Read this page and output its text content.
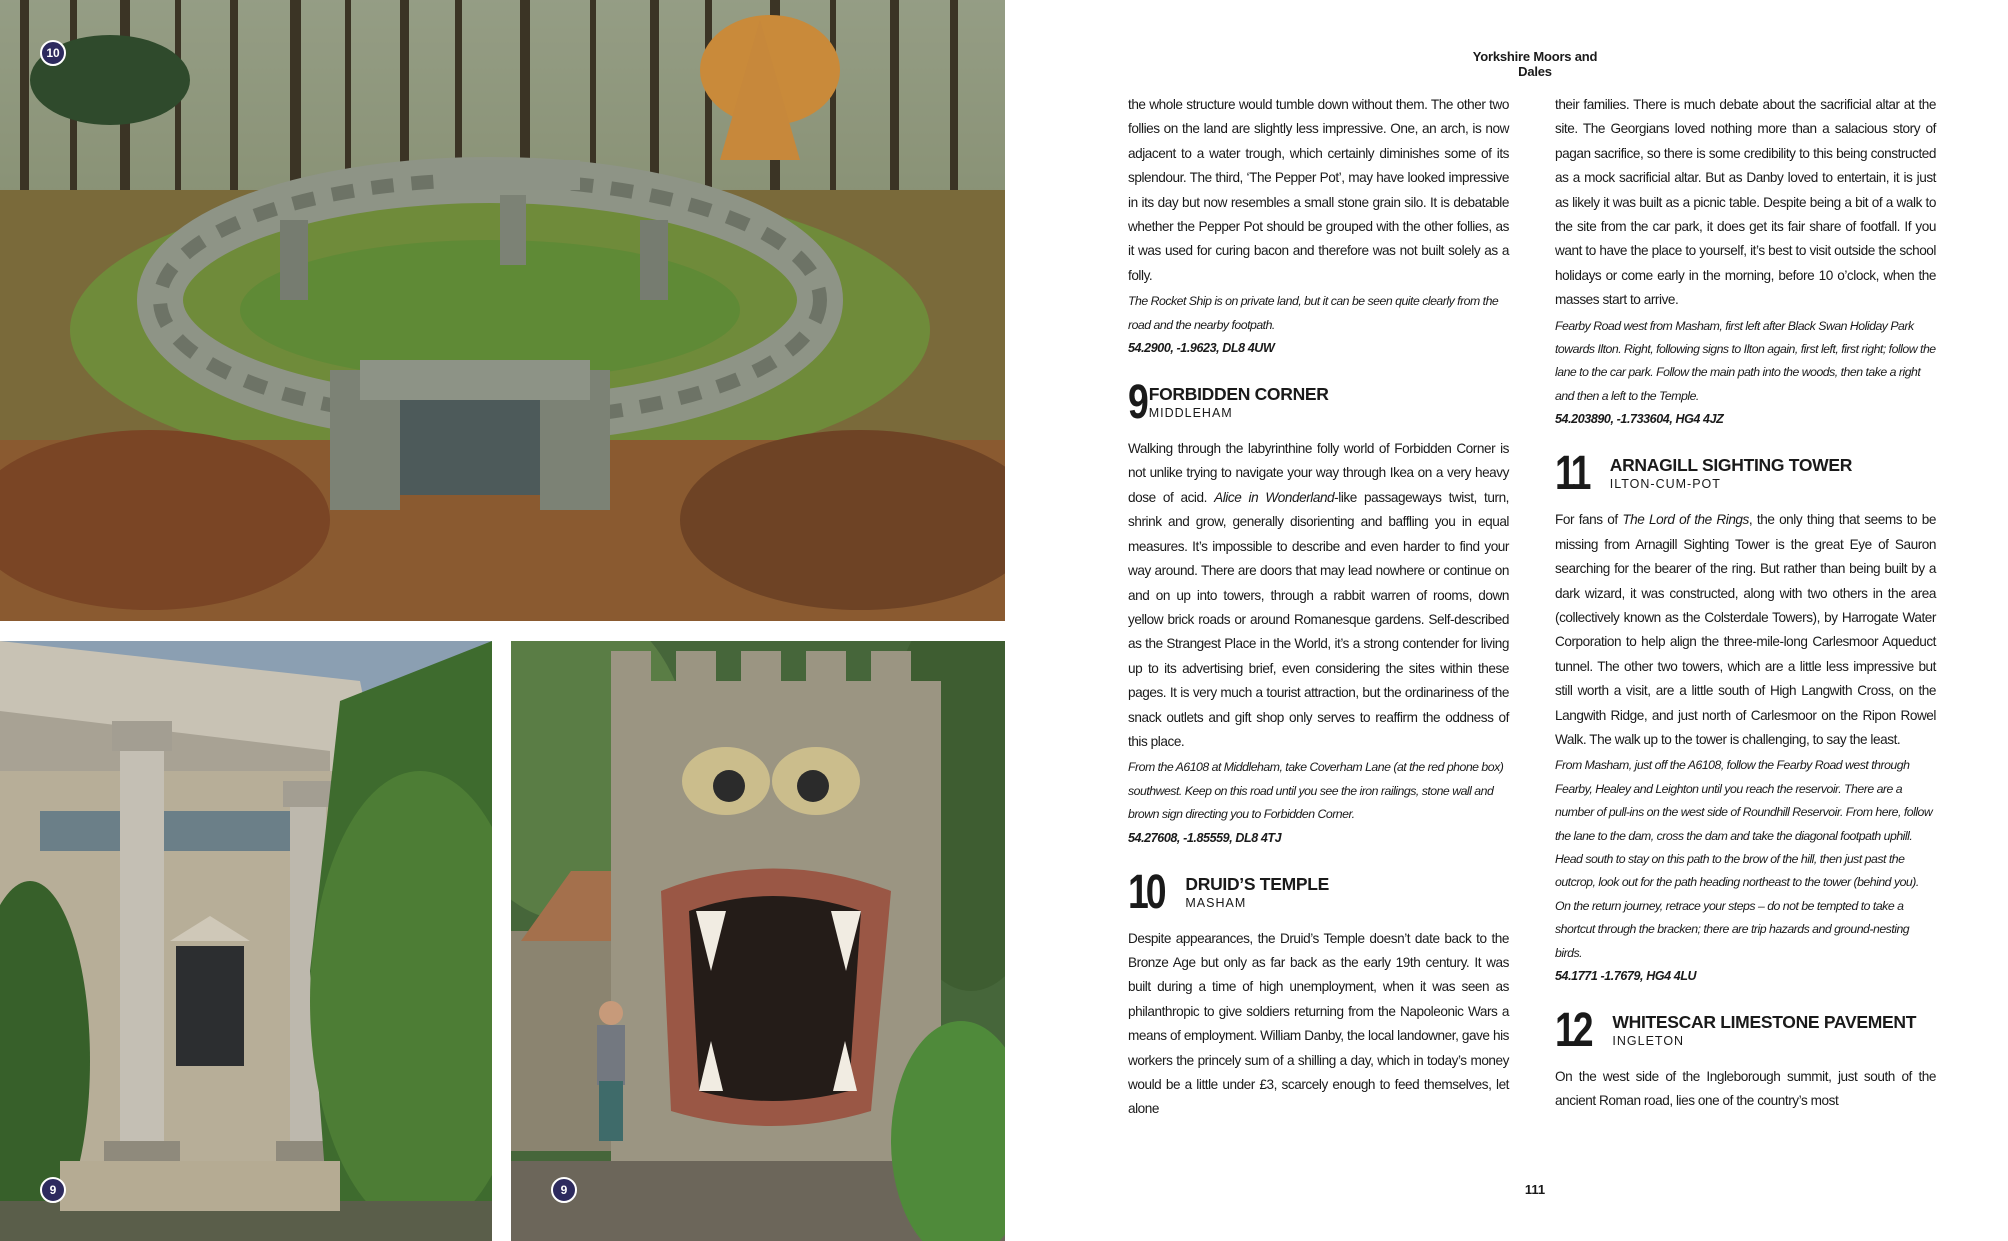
10
9	9
Yorkshire Moors and Dales

the whole structure would tumble down without them. The other two follies on the land are slightly less impressive. One, an arch, is now adjacent to a water trough, which certainly diminishes some of its splendour. The third, ‘The Pepper Pot’, may have looked impressive in its day but now resembles a small stone grain silo. It is debatable whether the Pepper Pot should be grouped with the other follies, as it was used for curing bacon and therefore was not built solely as a folly.

The Rocket Ship is on private land, but it can be seen quite clearly from the road and the nearby footpath.

54.2900, -1.9623, DL8 4UW

9 FORBIDDEN CORNER
MIDDLEHAM

Walking through the labyrinthine folly world of Forbidden Corner is not unlike trying to navigate your way through Ikea on a very heavy dose of acid. Alice in Wonderland-like passageways twist, turn, shrink and grow, generally disorienting and baffling you in equal measures. It’s impossible to describe and even harder to find your way around. There are doors that may lead nowhere or continue on and on up into towers, through a rabbit warren of rooms, down yellow brick roads or around Romanesque gardens. Self-described as the Strangest Place in the World, it’s a strong contender for living up to its advertising brief, even considering the sites within these pages. It is very much a tourist attraction, but the ordinariness of the snack outlets and gift shop only serves to reaffirm the oddness of this place.

From the A6108 at Middleham, take Coverham Lane (at the red phone box) southwest. Keep on this road until you see the iron railings, stone wall and brown sign directing you to Forbidden Corner.

54.27608, -1.85559, DL8 4TJ

10 DRUID’S TEMPLE
MASHAM

Despite appearances, the Druid’s Temple doesn’t date back to the Bronze Age but only as far back as the early 19th century. It was built during a time of high unemployment, when it was seen as philanthropic to give soldiers returning from the Napoleonic Wars a means of employment. William Danby, the local landowner, gave his workers the princely sum of a shilling a day, which in today’s money would be a little under £3, scarcely enough to feed themselves, let alone

their families. There is much debate about the sacrificial altar at the site. The Georgians loved nothing more than a salacious story of pagan sacrifice, so there is some credibility to this being constructed as a mock sacrificial altar. But as Danby loved to entertain, it is just as likely it was built as a picnic table. Despite being a bit of a walk to the site from the car park, it does get its fair share of footfall. If you want to have the place to yourself, it’s best to visit outside the school holidays or come early in the morning, before 10 o’clock, when the masses start to arrive.

Fearby Road west from Masham, first left after Black Swan Holiday Park towards Ilton. Right, following signs to Ilton again, first left, first right; follow the lane to the car park. Follow the main path into the woods, then take a right and then a left to the Temple.

54.203890, -1.733604, HG4 4JZ

11 ARNAGILL SIGHTING TOWER
ILTON-CUM-POT

For fans of The Lord of the Rings, the only thing that seems to be missing from Arnagill Sighting Tower is the great Eye of Sauron searching for the bearer of the ring. But rather than being built by a dark wizard, it was constructed, along with two others in the area (collectively known as the Colsterdale Towers), by Harrogate Water Corporation to help align the three-mile-long Carlesmoor Aqueduct tunnel. The other two towers, which are a little less impressive but still worth a visit, are a little south of High Langwith Cross, on the Langwith Ridge, and just north of Carlesmoor on the Ripon Rowel Walk. The walk up to the tower is challenging, to say the least.

From Masham, just off the A6108, follow the Fearby Road west through Fearby, Healey and Leighton until you reach the reservoir. There are a number of pull-ins on the west side of Roundhill Reservoir. From here, follow the lane to the dam, cross the dam and take the diagonal footpath uphill. Head south to stay on this path to the brow of the hill, then just past the outcrop, look out for the path heading northeast to the tower (behind you). On the return journey, retrace your steps – do not be tempted to take a shortcut through the bracken; there are trip hazards and ground-nesting birds.

54.1771 -1.7679, HG4 4LU

12 WHITESCAR LIMESTONE PAVEMENT
INGLETON

On the west side of the Ingleborough summit, just south of the ancient Roman road, lies one of the country’s most

111
